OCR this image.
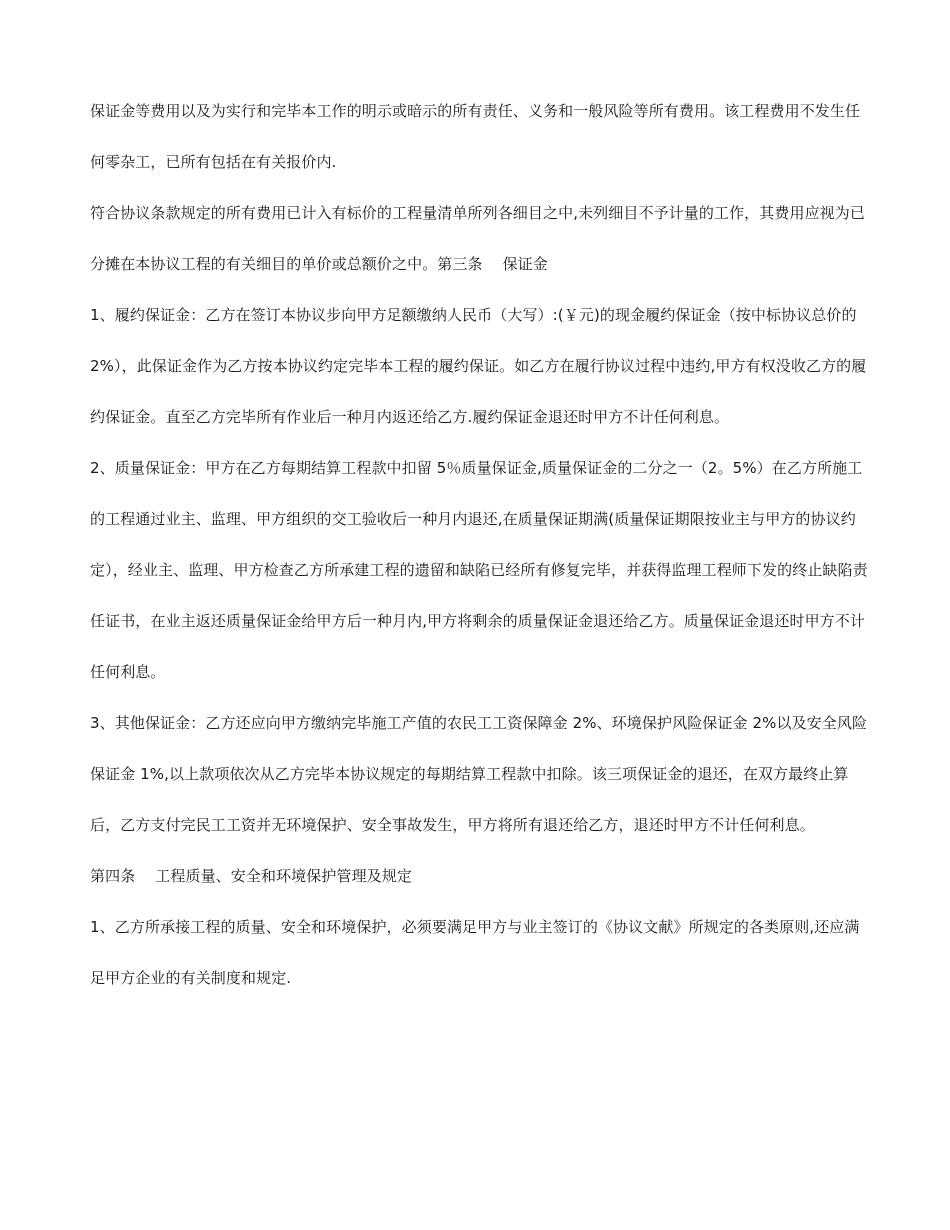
保证金等费用以及为实行和完毕本工作的明示或暗示的所有责任、义务和一般风险等所有费用。该工程费用不发生任何零杂工，已所有包括在有关报价内.

符合协议条款规定的所有费用已计入有标价的工程量清单所列各细目之中,未列细目不予计量的工作，其费用应视为已分摊在本协议工程的有关细目的单价或总额价之中。第三条　 保证金

1、履约保证金：乙方在签订本协议步向甲方足额缴纳人民币（大写）:(￥元)的现金履约保证金（按中标协议总价的 2%），此保证金作为乙方按本协议约定完毕本工程的履约保证。如乙方在履行协议过程中违约,甲方有权没收乙方的履约保证金。直至乙方完毕所有作业后一种月内返还给乙方.履约保证金退还时甲方不计任何利息。

2、质量保证金：甲方在乙方每期结算工程款中扣留 5％质量保证金,质量保证金的二分之一（2。5%）在乙方所施工的工程通过业主、监理、甲方组织的交工验收后一种月内退还,在质量保证期满(质量保证期限按业主与甲方的协议约定），经业主、监理、甲方检查乙方所承建工程的遗留和缺陷已经所有修复完毕，并获得监理工程师下发的终止缺陷责任证书，在业主返还质量保证金给甲方后一种月内,甲方将剩余的质量保证金退还给乙方。质量保证金退还时甲方不计任何利息。

3、其他保证金：乙方还应向甲方缴纳完毕施工产值的农民工工资保障金 2%、环境保护风险保证金 2%以及安全风险保证金 1%,以上款项依次从乙方完毕本协议规定的每期结算工程款中扣除。该三项保证金的退还，在双方最终止算后，乙方支付完民工工资并无环境保护、安全事故发生，甲方将所有退还给乙方，退还时甲方不计任何利息。

第四条　 工程质量、安全和环境保护管理及规定

1、乙方所承接工程的质量、安全和环境保护，必须要满足甲方与业主签订的《协议文献》所规定的各类原则,还应满足甲方企业的有关制度和规定.
